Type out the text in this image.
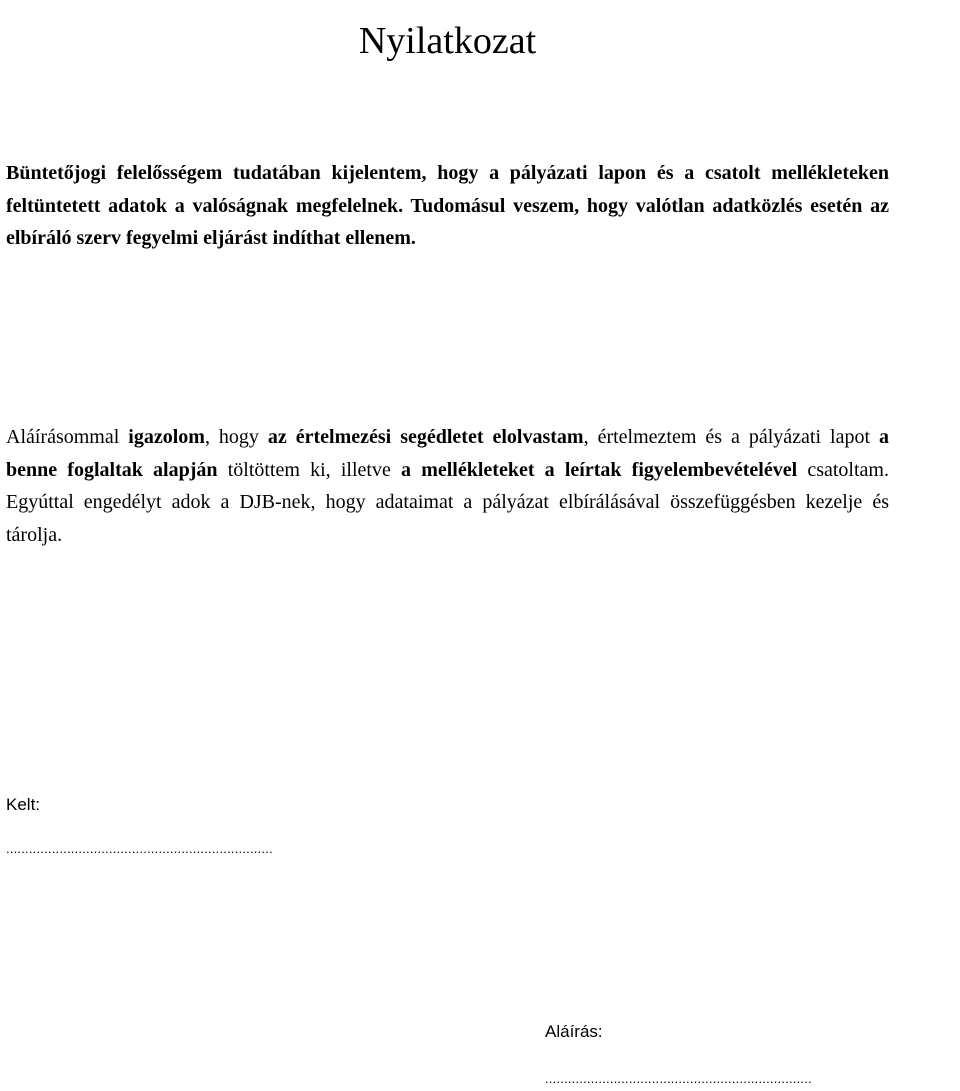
Nyilatkozat

Büntetőjogi felelősségem tudatában kijelentem, hogy a pályázati lapon és a csatolt mellékleteken feltüntetett adatok a valóságnak megfelelnek. Tudomásul veszem, hogy valótlan adatközlés esetén az elbíráló szerv fegyelmi eljárást indíthat ellenem.

Aláírásommal igazolom, hogy az értelmezési segédletet elolvastam, értelmeztem és a pályázati lapot a benne foglaltak alapján töltöttem ki, illetve a mellékleteket a leírtak figyelembevételével csatoltam. Egyúttal engedélyt adok a DJB-nek, hogy adataimat a pályázat elbírálásával összefüggésben kezelje és tárolja.

Kelt:
......................................................................
Aláírás:
......................................................................
